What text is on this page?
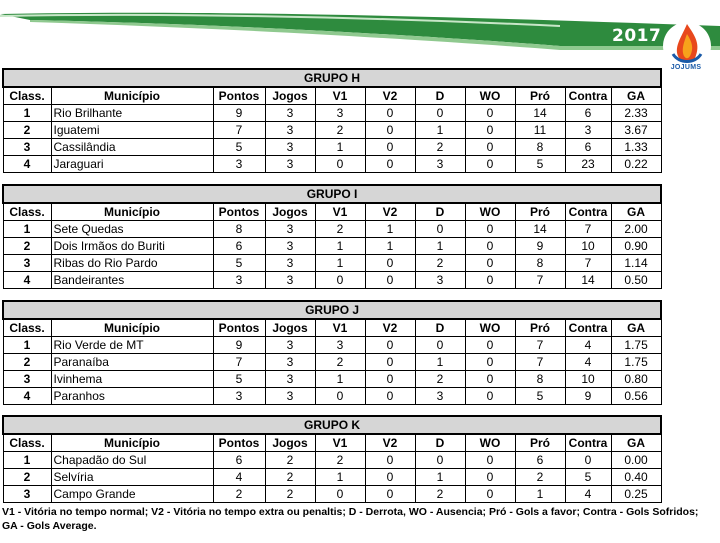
2017
JOJUMS
GRUPO H										
Class.	Município	Pontos	Jogos	V1	V2	D	WO	Pró	Contra	GA
1	Rio Brilhante	9	3	3	0	0	0	14	6	2.33
2	Iguatemi	7	3	2	0	1	0	11	3	3.67
3	Cassilândia	5	3	1	0	2	0	8	6	1.33
4	Jaraguari	3	3	0	0	3	0	5	23	0.22
GRUPO I										
Class.	Município	Pontos	Jogos	V1	V2	D	WO	Pró	Contra	GA
1	Sete Quedas	8	3	2	1	0	0	14	7	2.00
2	Dois Irmãos do Buriti	6	3	1	1	1	0	9	10	0.90
3	Ribas do Rio Pardo	5	3	1	0	2	0	8	7	1.14
4	Bandeirantes	3	3	0	0	3	0	7	14	0.50
GRUPO J										
Class.	Município	Pontos	Jogos	V1	V2	D	WO	Pró	Contra	GA
1	Rio Verde de MT	9	3	3	0	0	0	7	4	1.75
2	Paranaíba	7	3	2	0	1	0	7	4	1.75
3	Ivinhema	5	3	1	0	2	0	8	10	0.80
4	Paranhos	3	3	0	0	3	0	5	9	0.56
GRUPO K										
Class.	Município	Pontos	Jogos	V1	V2	D	WO	Pró	Contra	GA
1	Chapadão do Sul	6	2	2	0	0	0	6	0	0.00
2	Selvíria	4	2	1	0	1	0	2	5	0.40
3	Campo Grande	2	2	0	0	2	0	1	4	0.25
V1 - Vitória no tempo normal; V2 - Vitória no tempo extra ou penaltis; D - Derrota, WO - Ausencia; Pró - Gols a favor; Contra - Gols Sofridos; GA - Gols Average.
